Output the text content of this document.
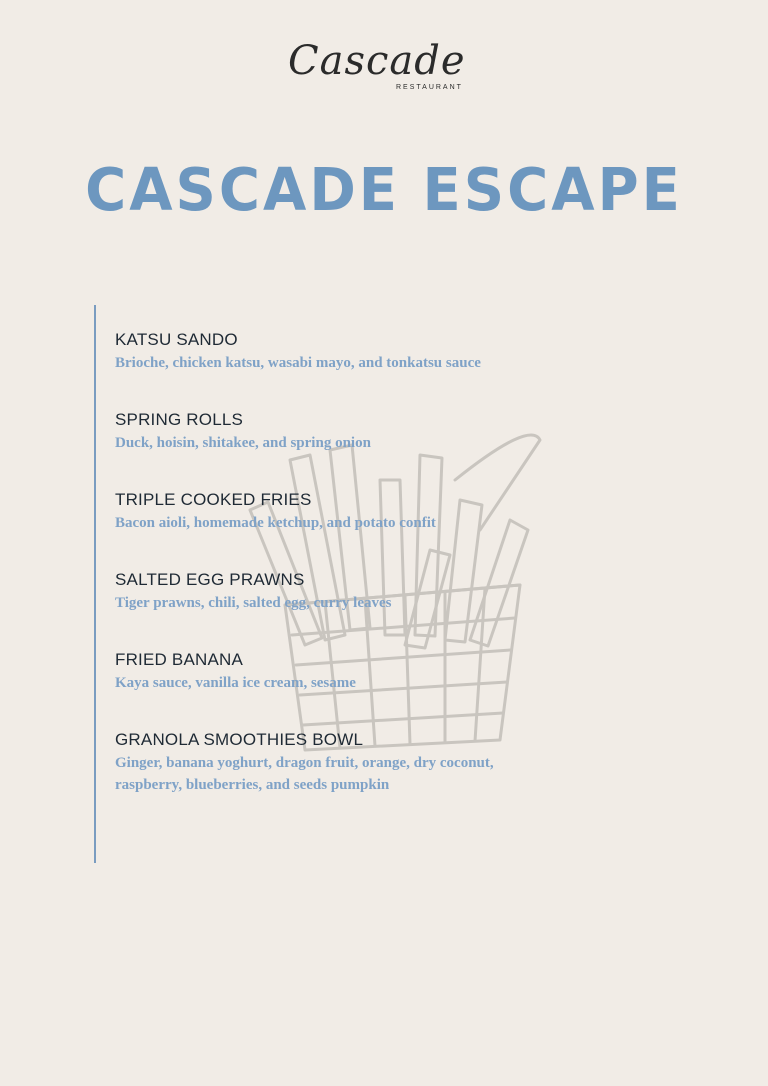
Cascade
RESTAURANT
CASCADE ESCAPE

KATSU SANDO

Brioche, chicken katsu, wasabi mayo, and tonkatsu sauce

SPRING ROLLS

Duck, hoisin, shitakee, and spring onion

TRIPLE COOKED FRIES

Bacon aioli, homemade ketchup, and potato confit

SALTED EGG PRAWNS

Tiger prawns, chili, salted egg, curry leaves

FRIED BANANA

Kaya sauce, vanilla ice cream, sesame

GRANOLA SMOOTHIES BOWL

Ginger, banana yoghurt, dragon fruit, orange, dry coconut, raspberry, blueberries, and seeds pumpkin
